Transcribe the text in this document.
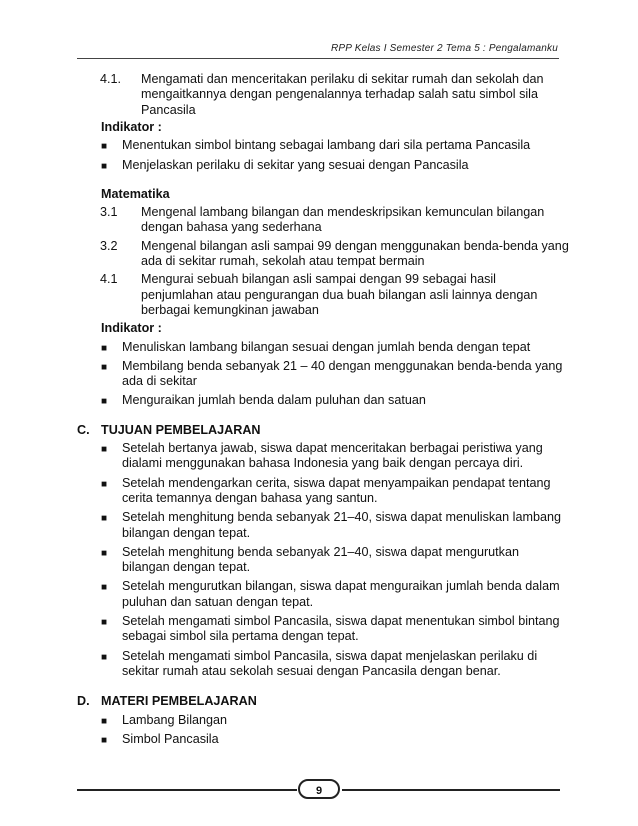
RPP Kelas I Semester 2 Tema 5 : Pengalamanku
4.1. Mengamati dan menceritakan perilaku di sekitar rumah dan sekolah dan
mengaitkannya dengan pengenalannya terhadap salah satu simbol sila
Pancasila
Indikator :
■ Menentukan simbol bintang sebagai lambang dari sila pertama Pancasila
■ Menjelaskan perilaku di sekitar yang sesuai dengan Pancasila
Matematika
3.1 Mengenal lambang bilangan dan mendeskripsikan kemunculan bilangan
dengan bahasa yang sederhana
3.2 Mengenal bilangan asli sampai 99 dengan menggunakan benda-benda yang
ada di sekitar rumah, sekolah atau tempat bermain
4.1 Mengurai sebuah bilangan asli sampai dengan 99 sebagai hasil
penjumlahan atau pengurangan dua buah bilangan asli lainnya dengan
berbagai kemungkinan jawaban
Indikator :
■ Menuliskan lambang bilangan sesuai dengan jumlah benda dengan tepat
■ Membilang benda sebanyak 21 – 40 dengan menggunakan benda-benda yang
ada di sekitar
■ Menguraikan jumlah benda dalam puluhan dan satuan
C. TUJUAN PEMBELAJARAN
■ Setelah bertanya jawab, siswa dapat menceritakan berbagai peristiwa yang
dialami menggunakan bahasa Indonesia yang baik dengan percaya diri.
■ Setelah mendengarkan cerita, siswa dapat menyampaikan pendapat tentang
cerita temannya dengan bahasa yang santun.
■ Setelah menghitung benda sebanyak 21–40, siswa dapat menuliskan lambang
bilangan dengan tepat.
■ Setelah menghitung benda sebanyak 21–40, siswa dapat mengurutkan
bilangan dengan tepat.
■ Setelah mengurutkan bilangan, siswa dapat menguraikan jumlah benda dalam
puluhan dan satuan dengan tepat.
■ Setelah mengamati simbol Pancasila, siswa dapat menentukan simbol bintang
sebagai simbol sila pertama dengan tepat.
■ Setelah mengamati simbol Pancasila, siswa dapat menjelaskan perilaku di
sekitar rumah atau sekolah sesuai dengan Pancasila dengan benar.
D. MATERI PEMBELAJARAN
■ Lambang Bilangan
■ Simbol Pancasila
9
